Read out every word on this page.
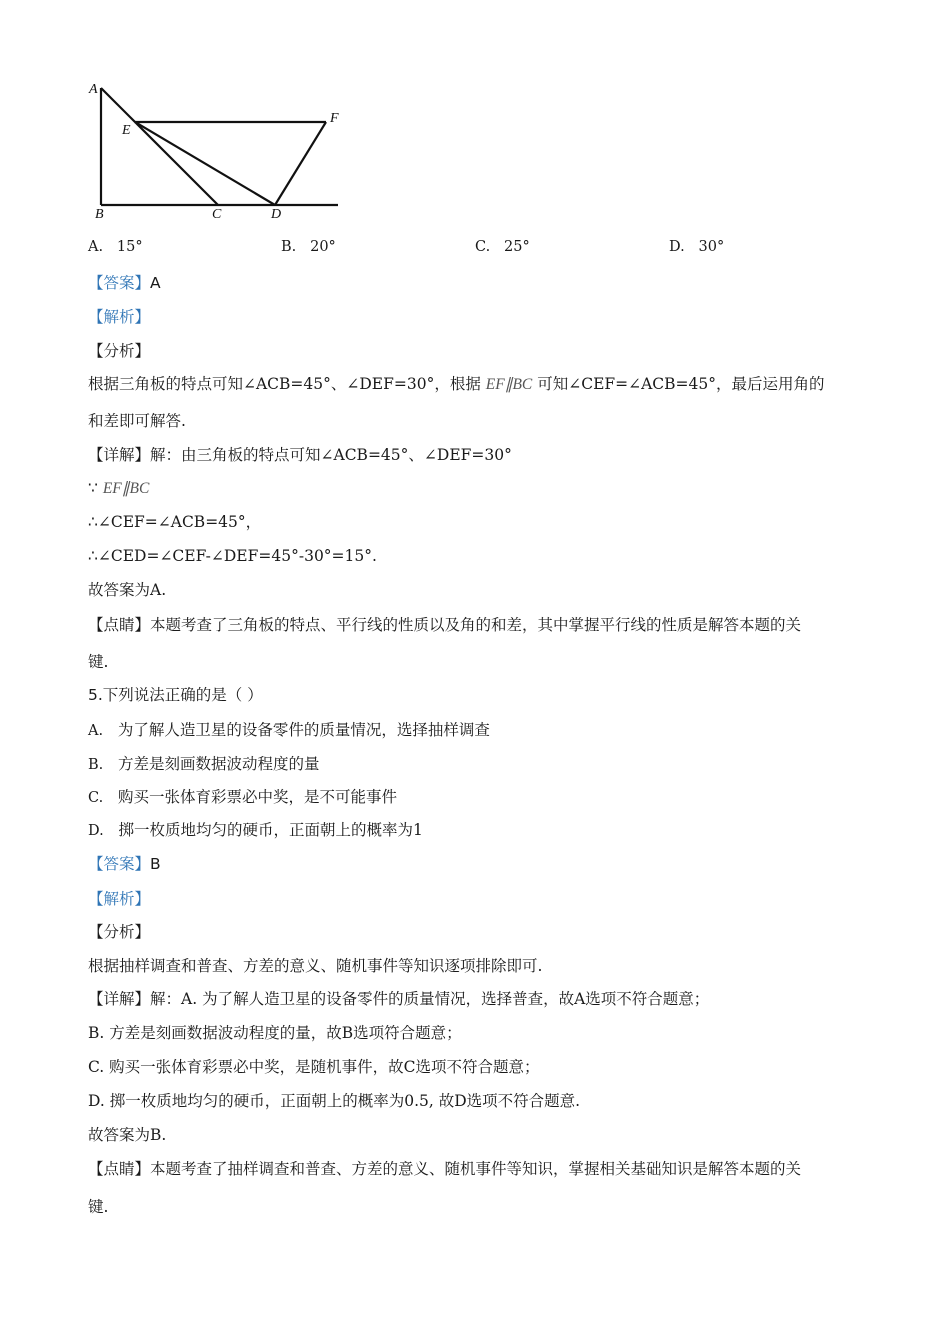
A
E
F
B	C	D
A. 15°	B. 20°	C. 25°	D. 30°
【答案】A
【解析】
【分析】
根据三角板的特点可知∠ACB=45°、∠DEF=30°，根据 EF∥BC 可知∠CEF=∠ACB=45°，最后运用角的
和差即可解答.
【详解】解：由三角板的特点可知∠ACB=45°、∠DEF=30°
∵ EF∥BC
∴∠CEF=∠ACB=45°，
∴∠CED=∠CEF-∠DEF=45°-30°=15°.
故答案为A.
【点睛】本题考查了三角板的特点、平行线的性质以及角的和差，其中掌握平行线的性质是解答本题的关
键.
5.下列说法正确的是（ ）
A. 为了解人造卫星的设备零件的质量情况，选择抽样调查
B. 方差是刻画数据波动程度的量
C. 购买一张体育彩票必中奖，是不可能事件
D. 掷一枚质地均匀的硬币，正面朝上的概率为1
【答案】B
【解析】
【分析】
根据抽样调查和普查、方差的意义、随机事件等知识逐项排除即可.
【详解】解：A. 为了解人造卫星的设备零件的质量情况，选择普查，故A选项不符合题意；
B. 方差是刻画数据波动程度的量，故B选项符合题意；
C. 购买一张体育彩票必中奖，是随机事件，故C选项不符合题意；
D. 掷一枚质地均匀的硬币，正面朝上的概率为0.5, 故D选项不符合题意.
故答案为B.
【点睛】本题考查了抽样调查和普查、方差的意义、随机事件等知识，掌握相关基础知识是解答本题的关
键.
